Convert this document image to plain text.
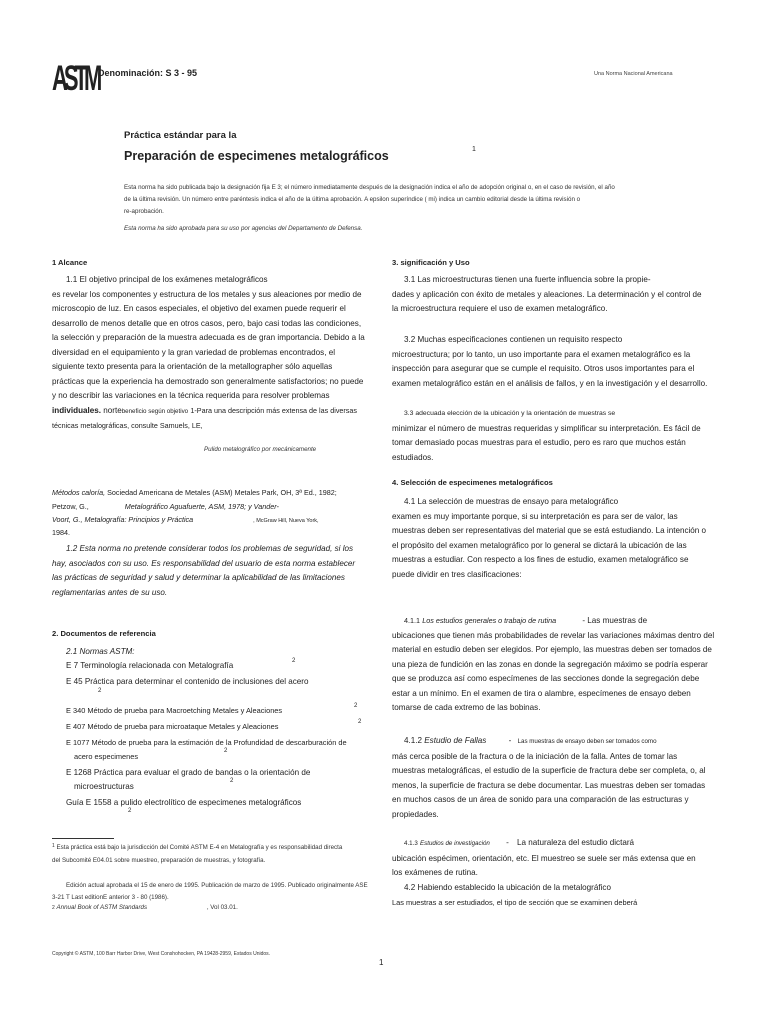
ASTM Denominación: S 3 - 95	Una Norma Nacional Americana
Práctica estándar para la
Preparación de especimenes metalográficos	1
Esta norma ha sido publicada bajo la designación fija E 3; el número inmediatamente después de la designación indica el año de adopción original o, en el caso de revisión, el año
de la última revisión. Un número entre paréntesis indica el año de la última aprobación. A epsilon superíndice ( mi) indica un cambio editorial desde la última revisión o
re-aprobación.
Esta norma ha sido aprobada para su uso por agencias del Departamento de Defensa.

1 Alcance

1.1 El objetivo principal de los exámenes metalográficos

es revelar los componentes y estructura de los metales y sus aleaciones por medio de

microscopio de luz. En casos especiales, el objetivo del examen puede requerir el

desarrollo de menos detalle que en otros casos, pero, bajo casi todas las condiciones,

la selección y preparación de la muestra adecuada es de gran importancia. Debido a la

diversidad en el equipamiento y la gran variedad de problemas encontrados, el

siguiente texto presenta para la orientación de la metallographer sólo aquellas

prácticas que la experiencia ha demostrado son generalmente satisfactorios; no puede

y no describir las variaciones en la técnica requerida para resolver problemas

individuales. nortebeneficio según objetivo 1-Para una descripción más extensa de las diversas

técnicas metalográficas, consulte Samuels, LE,

Pulido metalográfico por mecánicamente
Métodos caloría, Sociedad Americana de Metales (ASM) Metales Park, OH, 3ª Ed., 1982;
Petzow, G.,	Metalográfico Aguafuerte, ASM, 1978; y Vander-
Voort, G., Metalografía: Principios y Práctica	, McGraw Hill, Nueva York,
1984.

1.2 Esta norma no pretende considerar todos los problemas de seguridad, si los

hay, asociados con su uso. Es responsabilidad del usuario de esta norma establecer

las prácticas de seguridad y salud y determinar la aplicabilidad de las limitaciones

reglamentarias antes de su uso.

2. Documentos de referencia

2.1 Normas ASTM:

E 7 Terminología relacionada con Metalografía	2

E 45 Práctica para determinar el contenido de inclusiones del acero

2

E 340 Método de prueba para Macroetching Metales y Aleaciones	2

E 407 Método de prueba para microataque Metales y Aleaciones	2

E 1077 Método de prueba para la estimación de la Profundidad de descarburación de

2

acero especimenes

E 1268 Práctica para evaluar el grado de bandas o la orientación de

microestructuras

2

Guía E 1558 a pulido electrolítico de especimenes metalográficos

2
$^1$ Esta práctica está bajo la jurisdicción del Comité ASTM E-4 en Metalografía y es responsabilidad directa
del Subcomité E04.01 sobre muestreo, preparación de muestras, y fotografía.
Edición actual aprobada el 15 de enero de 1995. Publicación de marzo de 1995. Publicado originalmente ASE
3-21 T Last editionE anterior 3 - 80 (1986).
2 Annual Book of ASTM Standards	, Vol 03.01.

3. significación y Uso

3.1 Las microestructuras tienen una fuerte influencia sobre la propie-

dades y aplicación con éxito de metales y aleaciones. La determinación y el control de

la microestructura requiere el uso de examen metalográfico.

3.2 Muchas especificaciones contienen un requisito respecto

microestructura; por lo tanto, un uso importante para el examen metalográfico es la

inspección para asegurar que se cumple el requisito. Otros usos importantes para el

examen metalográfico están en el análisis de fallos, y en la investigación y el desarrollo.

3.3 adecuada elección de la ubicación y la orientación de muestras se

minimizar el número de muestras requeridas y simplificar su interpretación. Es fácil de

tomar demasiado pocas muestras para el estudio, pero es raro que muchos están

estudiados.

4. Selección de especimenes metalográficos

4.1 La selección de muestras de ensayo para metalográfico

examen es muy importante porque, si su interpretación es para ser de valor, las

muestras deben ser representativas del material que se está estudiando. La intención o

el propósito del examen metalográfico por lo general se dictará la ubicación de las

muestras a estudiar. Con respecto a los fines de estudio, examen metalográfico se

puede dividir en tres clasificaciones:

4.1.1 Los estudios generales o trabajo de rutina	- Las muestras de

ubicaciones que tienen más probabilidades de revelar las variaciones máximas dentro del

material en estudio deben ser elegidos. Por ejemplo, las muestras deben ser tomados de

una pieza de fundición en las zonas en donde la segregación máximo se podría esperar

que se produzca así como especímenes de las secciones donde la segregación debe

estar a un mínimo. En el examen de tira o alambre, especímenes de ensayo deben

tomarse de cada extremo de las bobinas.

4.1.2 Estudio de Fallas	- Las muestras de ensayo deben ser tomados como

más cerca posible de la fractura o de la iniciación de la falla. Antes de tomar las

muestras metalográficas, el estudio de la superficie de fractura debe ser completa, o, al

menos, la superficie de fractura se debe documentar. Las muestras deben ser tomadas

en muchos casos de un área de sonido para una comparación de las estructuras y

propiedades.

4.1.3 Estudios de investigación - La naturaleza del estudio dictará

ubicación espécimen, orientación, etc. El muestreo se suele ser más extensa que en

los exámenes de rutina.

4.2 Habiendo establecido la ubicación de la metalográfico

Las muestras a ser estudiados, el tipo de sección que se examinen deberá

Copyright © ASTM, 100 Barr Harbor Drive, West Conshohocken, PA 19428-2959, Estados Unidos.
1
